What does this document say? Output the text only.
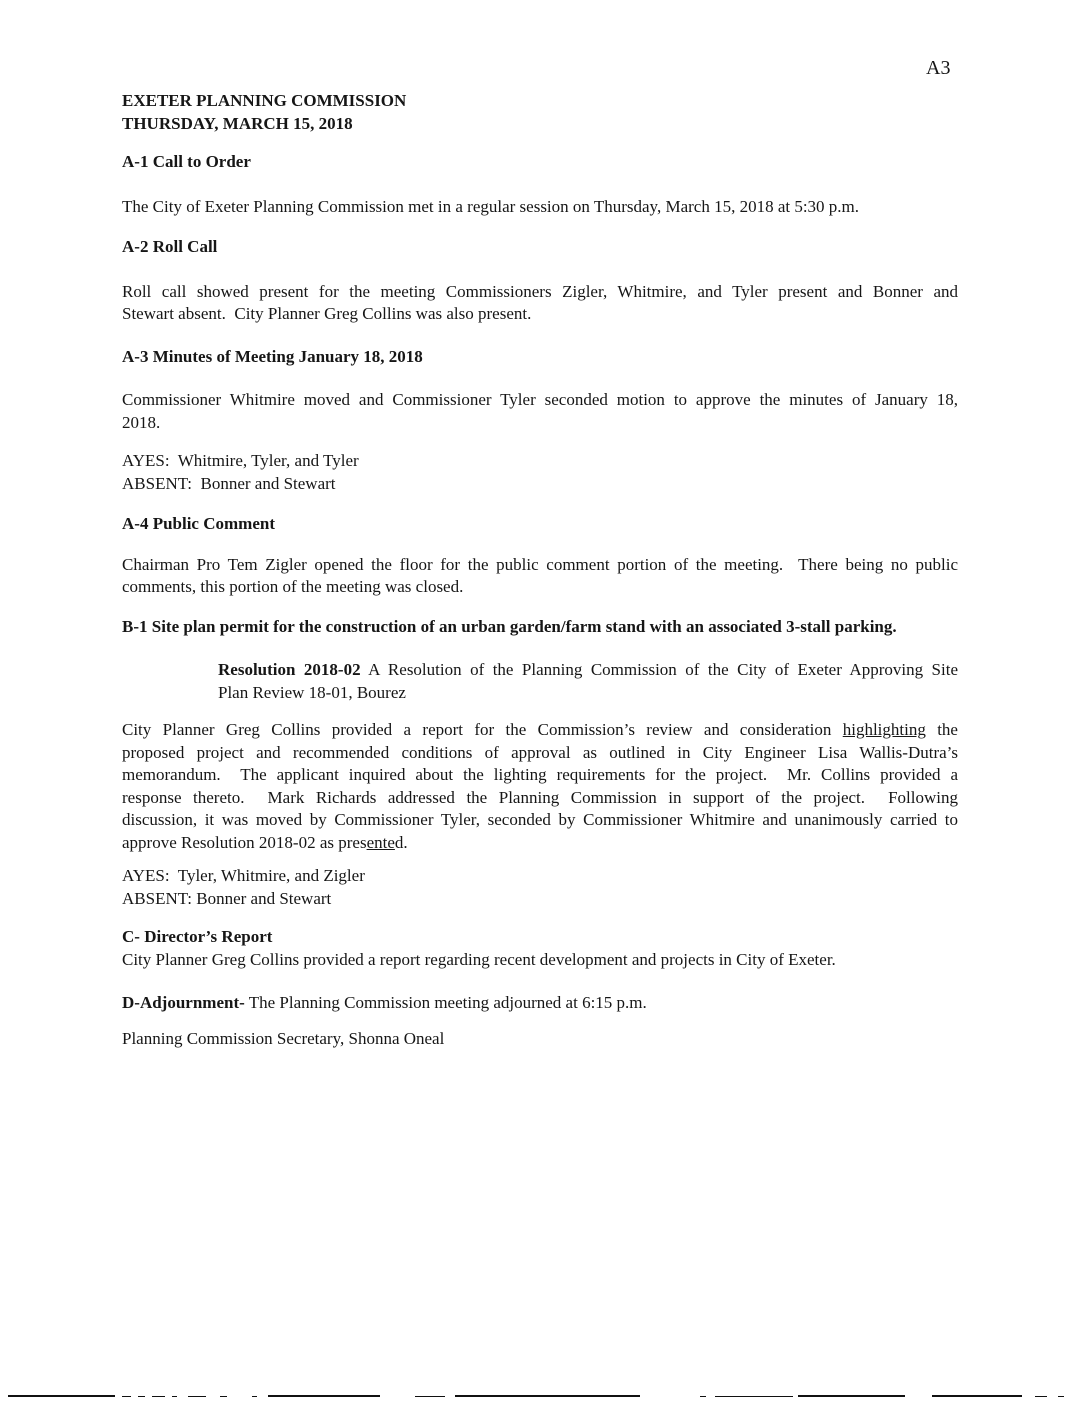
A3
EXETER PLANNING COMMISSION
THURSDAY, MARCH 15, 2018
A-1 Call to Order
The City of Exeter Planning Commission met in a regular session on Thursday, March 15, 2018 at 5:30 p.m.
A-2 Roll Call
Roll call showed present for the meeting Commissioners Zigler, Whitmire, and Tyler present and Bonner and
Stewart absent.  City Planner Greg Collins was also present.
A-3 Minutes of Meeting January 18, 2018
Commissioner Whitmire moved and Commissioner Tyler seconded motion to approve the minutes of January 18,
2018.
AYES:  Whitmire, Tyler, and Tyler
ABSENT:  Bonner and Stewart
A-4 Public Comment
Chairman Pro Tem Zigler opened the floor for the public comment portion of the meeting.  There being no public
comments, this portion of the meeting was closed.
B-1 Site plan permit for the construction of an urban garden/farm stand with an associated 3-stall parking.
Resolution 2018-02 A Resolution of the Planning Commission of the City of Exeter Approving Site
Plan Review 18-01, Bourez
City Planner Greg Collins provided a report for the Commission’s review and consideration highlighting the
proposed project and recommended conditions of approval as outlined in City Engineer Lisa Wallis-Dutra’s
memorandum.  The applicant inquired about the lighting requirements for the project.  Mr. Collins provided a
response thereto.  Mark Richards addressed the Planning Commission in support of the project.  Following
discussion, it was moved by Commissioner Tyler, seconded by Commissioner Whitmire and unanimously carried to
approve Resolution 2018-02 as presented.
AYES:  Tyler, Whitmire, and Zigler
ABSENT: Bonner and Stewart
C- Director’s Report
City Planner Greg Collins provided a report regarding recent development and projects in City of Exeter.
D-Adjournment- The Planning Commission meeting adjourned at 6:15 p.m.
Planning Commission Secretary, Shonna Oneal
